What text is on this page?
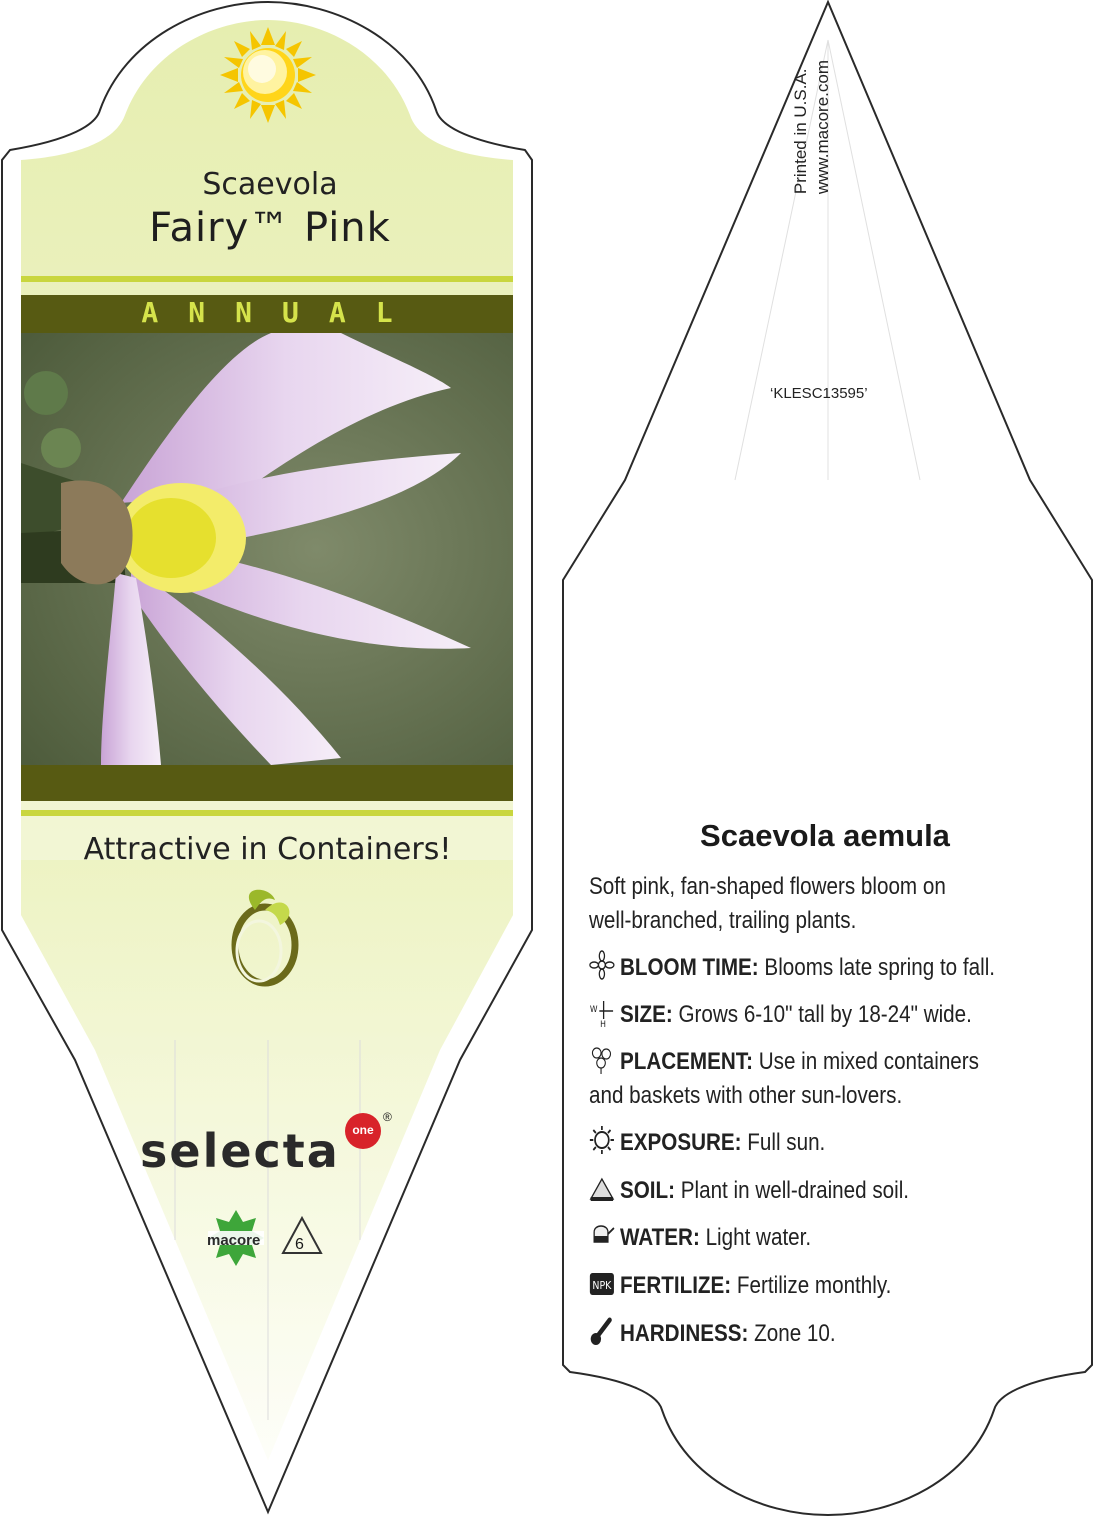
Scaevola
Fairy™ Pink
ANNUAL
Attractive in Containers!
selecta	one
®
macore 6
Printed in U.S.A. www.macore.com
‘KLESC13595’
Scaevola aemula
Soft pink, fan-shaped flowers bloom on well-branched, trailing plants.
BLOOM TIME: Blooms late spring to fall.
W
H SIZE: Grows 6-10" tall by 18-24" wide.
PLACEMENT: Use in mixed containers and baskets with other sun-lovers.
EXPOSURE: Full sun.
SOIL: Plant in well-drained soil.
WATER: Light water.
NPK FERTILIZE: Fertilize monthly.
HARDINESS: Zone 10.
